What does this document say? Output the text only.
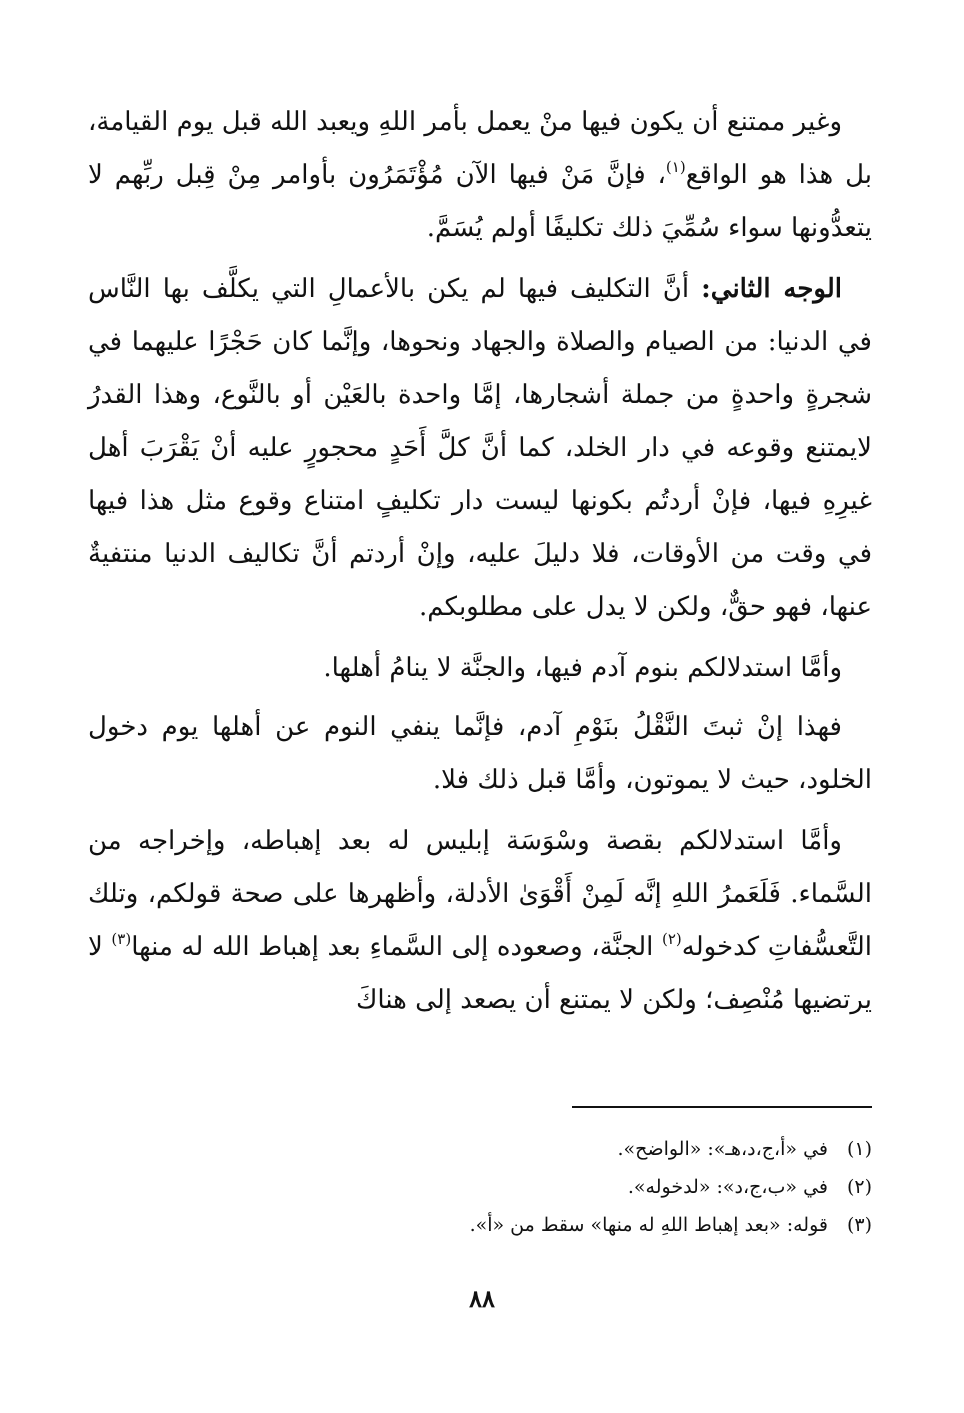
وغير ممتنع أن يكون فيها منْ يعمل بأمر اللهِ ويعبد الله قبل يوم القيامة، بل هذا هو الواقع$^{(١)}$، فإنَّ مَنْ فيها الآن مُؤْتَمَرُون بأوامر مِنْ قِبل ربِّهم لا يتعدُّونها سواء سُمِّيَ ذلك تكليفًا أولم يُسَمَّ.

الوجه الثاني: أنَّ التكليف فيها لم يكن بالأعمالِ التي يكلَّف بها النَّاس في الدنيا: من الصيام والصلاة والجهاد ونحوها، وإنَّما كان حَجْرًا عليهما في شجرةٍ واحدةٍ من جملة أشجارها، إمَّا واحدة بالعَيْن أو بالنَّوع، وهذا القدرُ لايمتنع وقوعه في دار الخلد، كما أنَّ كلَّ أَحَدٍ محجورٍ عليه أنْ يَقْرَبَ أهل غيرِهِ فيها، فإنْ أردتُم بكونها ليست دار تكليفٍ امتناع وقوع مثل هذا فيها في وقت من الأوقات، فلا دليلَ عليه، وإنْ أردتم أنَّ تكاليف الدنيا منتفيةٌ عنها، فهو حقٌّ، ولكن لا يدل على مطلوبكم.

وأمَّا استدلالكم بنوم آدم فيها، والجنَّة لا ينامُ أهلها.

فهذا إنْ ثبتَ النَّقْلُ بنَوْمِ آدم، فإنَّما ينفي النوم عن أهلها يوم دخول الخلود، حيث لا يموتون، وأمَّا قبل ذلك فلا.

وأمَّا استدلالكم بقصة وسْوَسَة إبليس له بعد إهباطه، وإخراجه من السَّماء. فَلَعَمرُ اللهِ إنَّه لَمِنْ أَقْوَىٰ الأدلة، وأظهرها على صحة قولكم، وتلك التَّعسُّفاتِ كدخوله$^{(٢)}$ الجنَّة، وصعوده إلى السَّماءِ بعد إهباط الله له منها$^{(٣)}$ لا يرتضيها مُنْصِف؛ ولكن لا يمتنع أن يصعد إلى هناكَ

(١)
في «أ،ج،د،هـ»: «الواضح».
(٢)
في «ب،ج،د»: «لدخوله».
(٣)
قوله: «بعد إهباط اللهِ له منها» سقط من «أ».
٨٨
